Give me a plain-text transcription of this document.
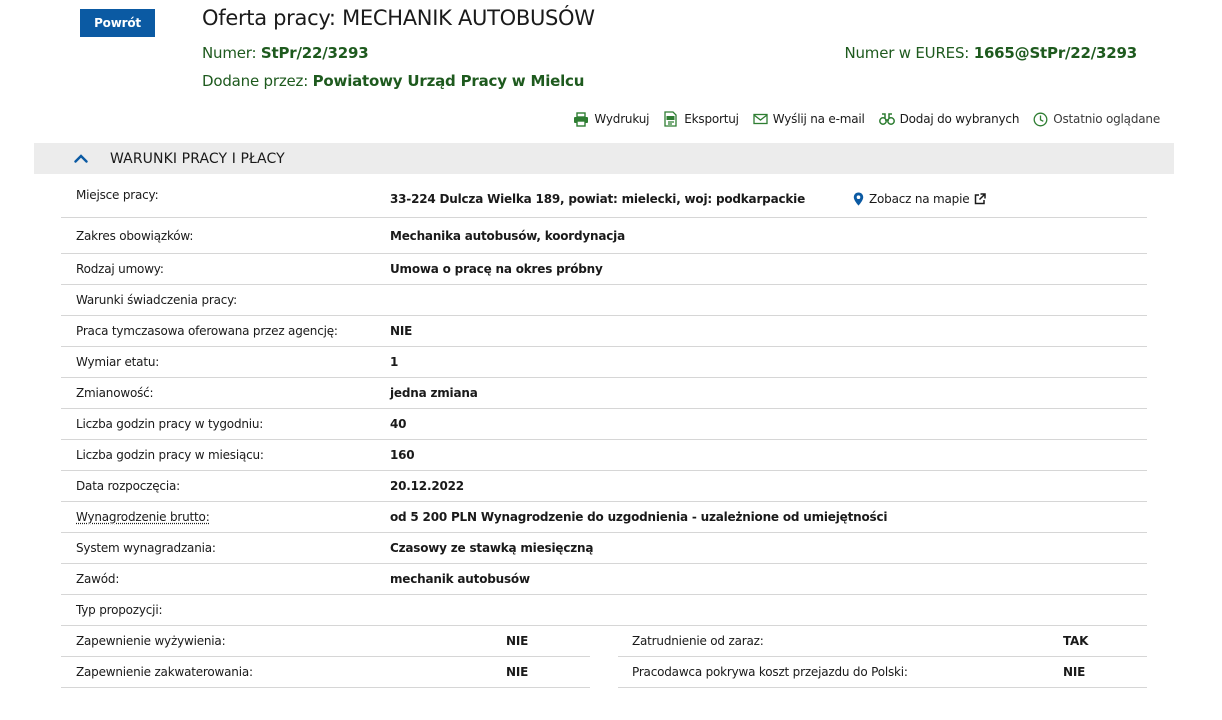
Powrót	Oferta pracy: MECHANIK AUTOBUSÓW
Numer: StPr/22/3293	Numer w EURES: 1665@StPr/22/3293
Dodane przez: Powiatowy Urząd Pracy w Mielcu
Wydrukuj	Eksportuj	Wyślij na e-mail	Dodaj do wybranych	Ostatnio oglądane
WARUNKI PRACY I PŁACY
Miejsce pracy:	33-224 Dulcza Wielka 189, powiat: mielecki, woj: podkarpackie	Zobacz na mapie
Zakres obowiązków:	Mechanika autobusów, koordynacja
Rodzaj umowy:	Umowa o pracę na okres próbny
Warunki świadczenia pracy:
Praca tymczasowa oferowana przez agencję:	NIE
Wymiar etatu:	1
Zmianowość:	jedna zmiana
Liczba godzin pracy w tygodniu:	40
Liczba godzin pracy w miesiącu:	160
Data rozpoczęcia:	20.12.2022
Wynagrodzenie brutto:	od 5 200 PLN Wynagrodzenie do uzgodnienia - uzależnione od umiejętności
System wynagradzania:	Czasowy ze stawką miesięczną
Zawód:	mechanik autobusów
Typ propozycji:
Zapewnienie wyżywienia:	NIE	Zatrudnienie od zaraz:	TAK
Zapewnienie zakwaterowania:	NIE	Pracodawca pokrywa koszt przejazdu do Polski:	NIE
